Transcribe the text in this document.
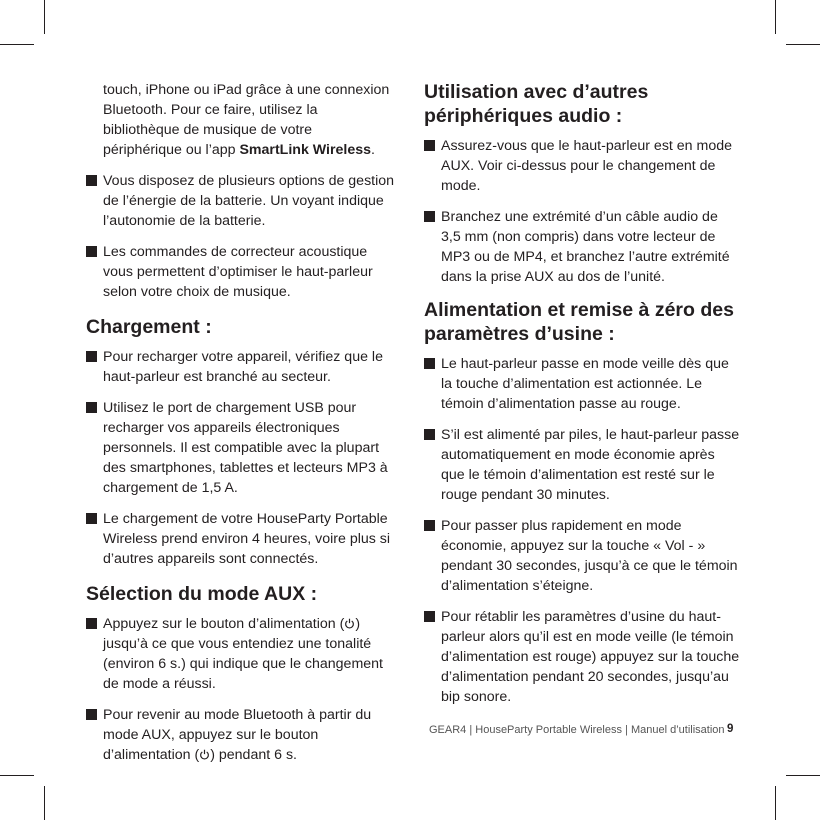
touch, iPhone ou iPad grâce à une connexion

Bluetooth. Pour ce faire, utilisez la

bibliothèque de musique de votre

périphérique ou l’app SmartLink Wireless.

Vous disposez de plusieurs options de gestion de l’énergie de la batterie. Un voyant indique l’autonomie de la batterie.
Les commandes de correcteur acoustique vous permettent d’optimiser le haut-parleur selon votre choix de musique.
Chargement :
Pour recharger votre appareil, vérifiez que le haut-parleur est branché au secteur.
Utilisez le port de chargement USB pour recharger vos appareils électroniques personnels. Il est compatible avec la plupart des smartphones, tablettes et lecteurs MP3 à chargement de 1,5 A.
Le chargement de votre HouseParty Portable Wireless prend environ 4 heures, voire plus si d’autres appareils sont connectés.
Sélection du mode AUX :
Appuyez sur le bouton d’alimentation ( ) jusqu’à ce que vous entendiez une tonalité (environ 6 s.) qui indique que le changement de mode a réussi.
Pour revenir au mode Bluetooth à partir du mode AUX, appuyez sur le bouton d’alimentation ( ) pendant 6 s.
Utilisation avec d’autres périphériques audio :
Assurez-vous que le haut-parleur est en mode AUX. Voir ci-dessus pour le changement de mode.
Branchez une extrémité d’un câble audio de 3,5 mm (non compris) dans votre lecteur de MP3 ou de MP4, et branchez l’autre extrémité dans la prise AUX au dos de l’unité.
Alimentation et remise à zéro des paramètres d’usine :
Le haut-parleur passe en mode veille dès que la touche d’alimentation est actionnée. Le témoin d’alimentation passe au rouge.
S’il est alimenté par piles, le haut-parleur passe automatiquement en mode économie après que le témoin d’alimentation est resté sur le rouge pendant 30 minutes.
Pour passer plus rapidement en mode économie, appuyez sur la touche « Vol - » pendant 30 secondes, jusqu’à ce que le témoin d’alimentation s’éteigne.
Pour rétablir les paramètres d’usine du haut-parleur alors qu’il est en mode veille (le témoin d’alimentation est rouge) appuyez sur la touche d’alimentation pendant 20 secondes, jusqu’au bip sonore.
GEAR4 | HouseParty Portable Wireless | Manuel d’utilisation 9
